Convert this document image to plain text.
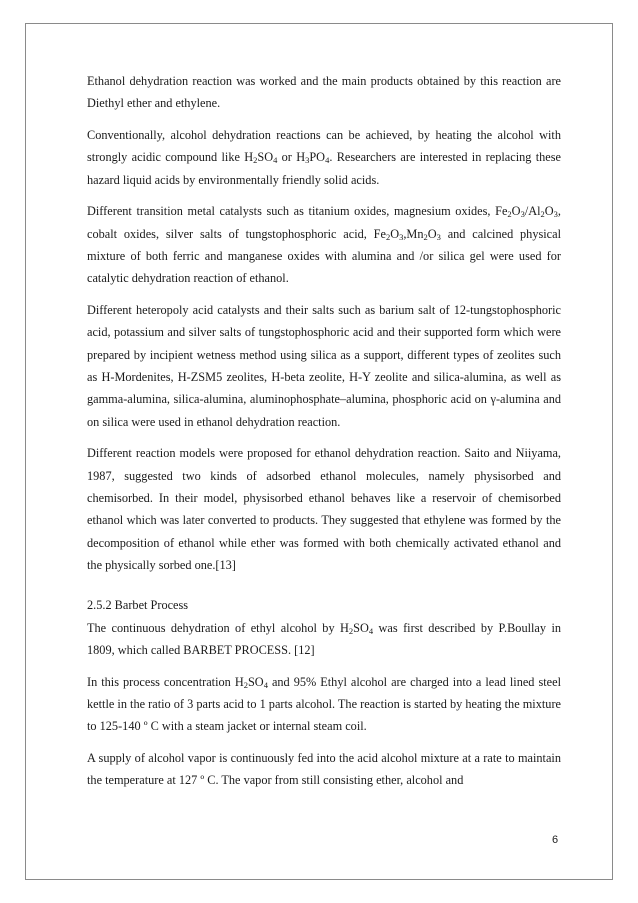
Ethanol dehydration reaction was worked and the main products obtained by this reaction are Diethyl ether and ethylene.

Conventionally, alcohol dehydration reactions can be achieved, by heating the alcohol with strongly acidic compound like $H_2SO_4$ or $H_3PO_4$. Researchers are interested in replacing these hazard liquid acids by environmentally friendly solid acids.

Different transition metal catalysts such as titanium oxides, magnesium oxides, $Fe_2O_3/Al_2O_3$, cobalt oxides, silver salts of tungstophosphoric acid, $Fe_2O_3,Mn_2O_3$ and calcined physical mixture of both ferric and manganese oxides with alumina and /or silica gel were used for catalytic dehydration reaction of ethanol.

Different heteropoly acid catalysts and their salts such as barium salt of 12-tungstophosphoric acid, potassium and silver salts of tungstophosphoric acid and their supported form which were prepared by incipient wetness method using silica as a support, different types of zeolites such as H-Mordenites, H-ZSM5 zeolites, H-beta zeolite, H-Y zeolite and silica-alumina, as well as gamma-alumina, silica-alumina, aluminophosphate–alumina, phosphoric acid on γ-alumina and on silica were used in ethanol dehydration reaction.

Different reaction models were proposed for ethanol dehydration reaction. Saito and Niiyama, 1987, suggested two kinds of adsorbed ethanol molecules, namely physisorbed and chemisorbed. In their model, physisorbed ethanol behaves like a reservoir of chemisorbed ethanol which was later converted to products. They suggested that ethylene was formed by the decomposition of ethanol while ether was formed with both chemically activated ethanol and the physically sorbed one.[13]

2.5.2 Barbet Process

The continuous dehydration of ethyl alcohol by $H_2SO_4$ was first described by P.Boullay in 1809, which called BARBET PROCESS. [12]

In this process concentration $H_2SO_4$ and 95% Ethyl alcohol are charged into a lead lined steel kettle in the ratio of 3 parts acid to 1 parts alcohol. The reaction is started by heating the mixture to 125-140 º C with a steam jacket or internal steam coil.

A supply of alcohol vapor is continuously fed into the acid alcohol mixture at a rate to maintain the temperature at 127 º C. The vapor from still consisting ether, alcohol and

6
